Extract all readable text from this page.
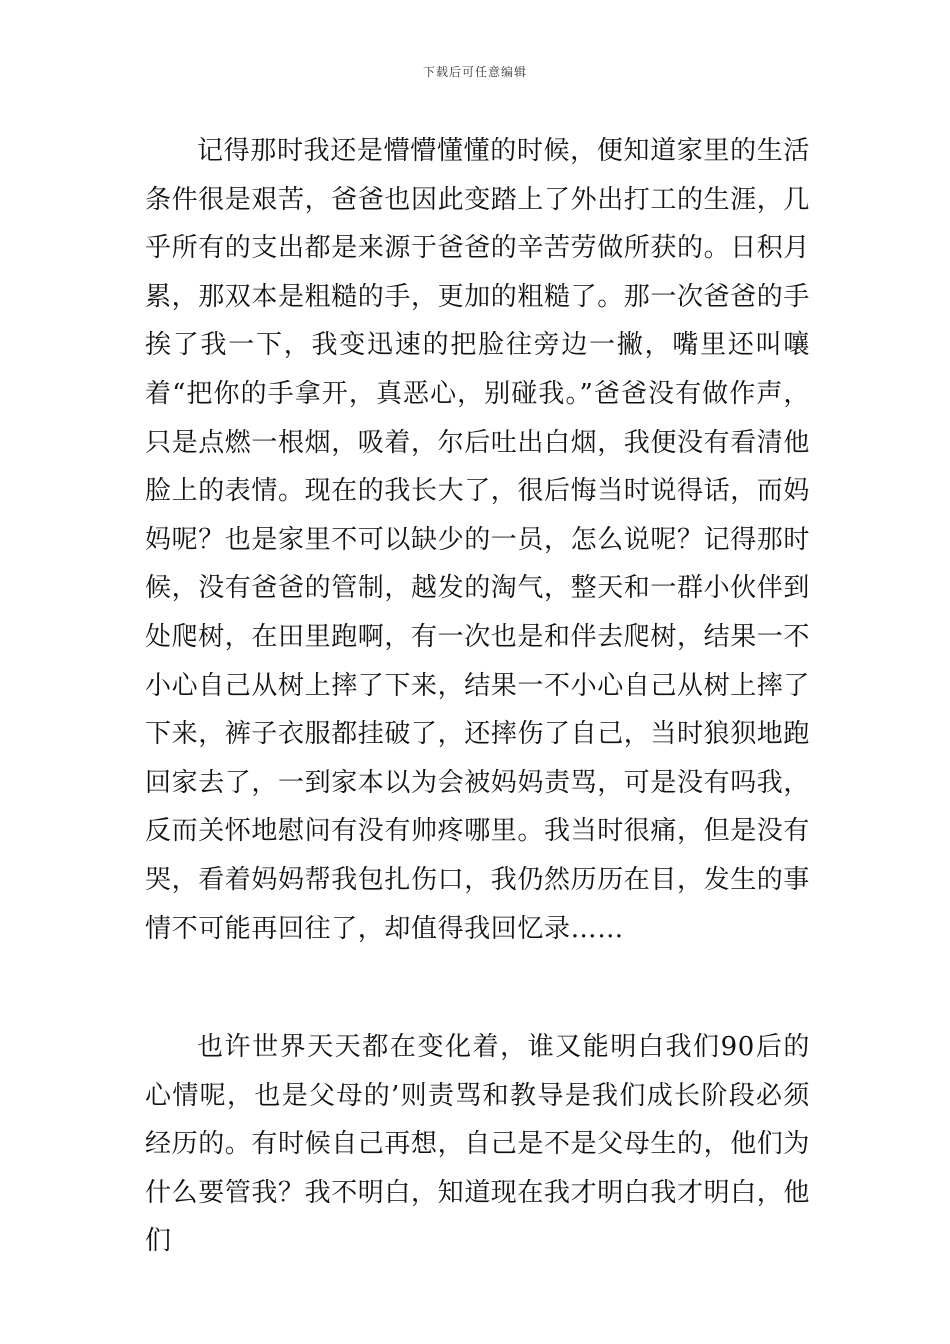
下载后可任意编辑

记得那时我还是懵懵懂懂的时候，便知道家里的生活条件很是艰苦，爸爸也因此变踏上了外出打工的生涯，几乎所有的支出都是来源于爸爸的辛苦劳做所获的。日积月累，那双本是粗糙的手，更加的粗糙了。那一次爸爸的手挨了我一下，我变迅速的把脸往旁边一撇，嘴里还叫嚷着“把你的手拿开，真恶心，别碰我。”爸爸没有做作声，只是点燃一根烟，吸着，尔后吐出白烟，我便没有看清他脸上的表情。现在的我长大了，很后悔当时说得话，而妈妈呢？也是家里不可以缺少的一员，怎么说呢？记得那时候，没有爸爸的管制，越发的淘气，整天和一群小伙伴到处爬树，在田里跑啊，有一次也是和伴去爬树，结果一不小心自己从树上摔了下来，结果一不小心自己从树上摔了下来，裤子衣服都挂破了，还摔伤了自己，当时狼狈地跑回家去了，一到家本以为会被妈妈责骂，可是没有吗我，反而关怀地慰问有没有帅疼哪里。我当时很痛，但是没有哭，看着妈妈帮我包扎伤口，我仍然历历在目，发生的事情不可能再回往了，却值得我回忆录……

也许世界天天都在变化着，谁又能明白我们90后的心情呢，也是父母的’则责骂和教导是我们成长阶段必须经历的。有时候自己再想，自己是不是父母生的，他们为什么要管我？我不明白，知道现在我才明白我才明白，他们
